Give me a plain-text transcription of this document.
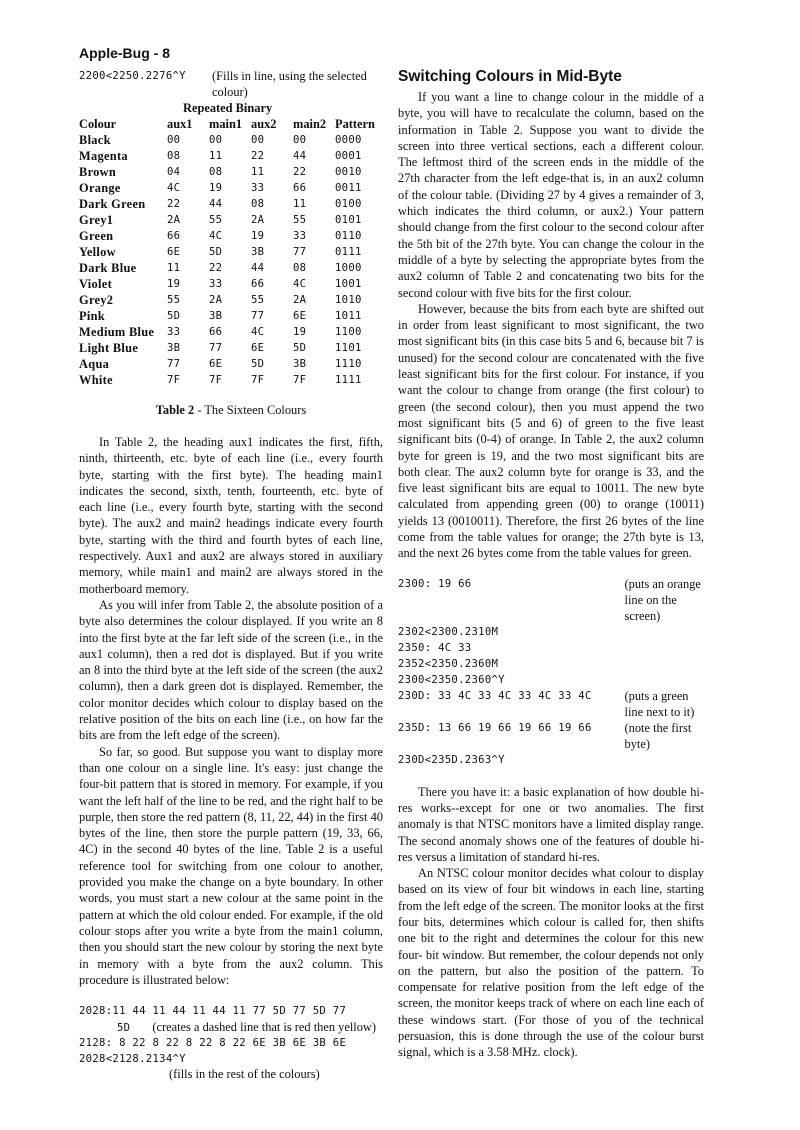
Apple-Bug - 8
2200<2250.2276^Y	(Fills in line, using the selected
colour)
Repeated Binary
Colour	aux1	main1	aux2	main2	Pattern
Black	00	00	00	00	0000
Magenta	08	11	22	44	0001
Brown	04	08	11	22	0010
Orange	4C	19	33	66	0011
Dark Green	22	44	08	11	0100
Grey1	2A	55	2A	55	0101
Green	66	4C	19	33	0110
Yellow	6E	5D	3B	77	0111
Dark Blue	11	22	44	08	1000
Violet	19	33	66	4C	1001
Grey2	55	2A	55	2A	1010
Pink	5D	3B	77	6E	1011
Medium Blue	33	66	4C	19	1100
Light Blue	3B	77	6E	5D	1101
Aqua	77	6E	5D	3B	1110
White	7F	7F	7F	7F	1111
Table 2 - The Sixteen Colours

In Table 2, the heading aux1 indicates the first, fifth, ninth, thirteenth, etc. byte of each line (i.e., every fourth byte, starting with the first byte). The heading main1 indicates the second, sixth, tenth, fourteenth, etc. byte of each line (i.e., every fourth byte, starting with the second byte). The aux2 and main2 headings indicate every fourth byte, starting with the third and fourth bytes of each line, respectively. Aux1 and aux2 are always stored in auxiliary memory, while main1 and main2 are always stored in the motherboard memory.

As you will infer from Table 2, the absolute position of a byte also determines the colour displayed. If you write an 8 into the first byte at the far left side of the screen (i.e., in the aux1 column), then a red dot is displayed. But if you write an 8 into the third byte at the left side of the screen (the aux2 column), then a dark green dot is displayed. Remember, the color monitor decides which colour to display based on the relative position of the bits on each line (i.e., on how far the bits are from the left edge of the screen).

So far, so good. But suppose you want to display more than one colour on a single line. It's easy: just change the four-bit pattern that is stored in memory. For example, if you want the left half of the line to be red, and the right half to be purple, then store the red pattern (8, 11, 22, 44) in the first 40 bytes of the line, then store the purple pattern (19, 33, 66, 4C) in the second 40 bytes of the line. Table 2 is a useful reference tool for switching from one colour to another, provided you make the change on a byte boundary. In other words, you must start a new colour at the same point in the pattern at which the old colour ended. For example, if the old colour stops after you write a byte from the main1 column, then you should start the new colour by storing the next byte in memory with a byte from the aux2 column. This procedure is illustrated below:

2028:11 44 11 44 11 44 11 77 5D 77 5D 77
5D (creates a dashed line that is red then yellow)
2128: 8 22 8 22 8 22 8 22 6E 3B 6E 3B 6E
2028<2128.2134^Y
(fills in the rest of the colours)
Switching Colours in Mid-Byte

If you want a line to change colour in the middle of a byte, you will have to recalculate the column, based on the information in Table 2. Suppose you want to divide the screen into three vertical sections, each a different colour. The leftmost third of the screen ends in the middle of the 27th character from the left edge-that is, in an aux2 column of the colour table. (Dividing 27 by 4 gives a remainder of 3, which indicates the third column, or aux2.) Your pattern should change from the first colour to the second colour after the 5th bit of the 27th byte. You can change the colour in the middle of a byte by selecting the appropriate bytes from the aux2 column of Table 2 and concatenating two bits for the second colour with five bits for the first colour.

However, because the bits from each byte are shifted out in order from least significant to most significant, the two most significant bits (in this case bits 5 and 6, because bit 7 is unused) for the second colour are concatenated with the five least significant bits for the first colour. For instance, if you want the colour to change from orange (the first colour) to green (the second colour), then you must append the two most significant bits (5 and 6) of green to the five least significant bits (0-4) of orange. In Table 2, the aux2 column byte for green is 19, and the two most significant bits are both clear. The aux2 column byte for orange is 33, and the five least significant bits are equal to 10011. The new byte calculated from appending green (00) to orange (10011) yields 13 (0010011). Therefore, the first 26 bytes of the line come from the table values for orange; the 27th byte is 13, and the next 26 bytes come from the table values for green.

2300: 19 66	(puts an orange line on the screen)
2302<2300.2310M
2350: 4C 33
2352<2350.2360M
2300<2350.2360^Y
230D: 33 4C 33 4C 33 4C 33 4C	(puts a green line next to it)
235D: 13 66 19 66 19 66 19 66	(note the first byte)
230D<235D.2363^Y

There you have it: a basic explanation of how double hi-res works--except for one or two anomalies. The first anomaly is that NTSC monitors have a limited display range. The second anomaly shows one of the features of double hi-res versus a limitation of standard hi-res.

An NTSC colour monitor decides what colour to display based on its view of four bit windows in each line, starting from the left edge of the screen. The monitor looks at the first four bits, determines which colour is called for, then shifts one bit to the right and determines the colour for this new four- bit window. But remember, the colour depends not only on the pattern, but also the position of the pattern. To compensate for relative position from the left edge of the screen, the monitor keeps track of where on each line each of these windows start. (For those of you of the technical persuasion, this is done through the use of the colour burst signal, which is a 3.58 MHz. clock).
